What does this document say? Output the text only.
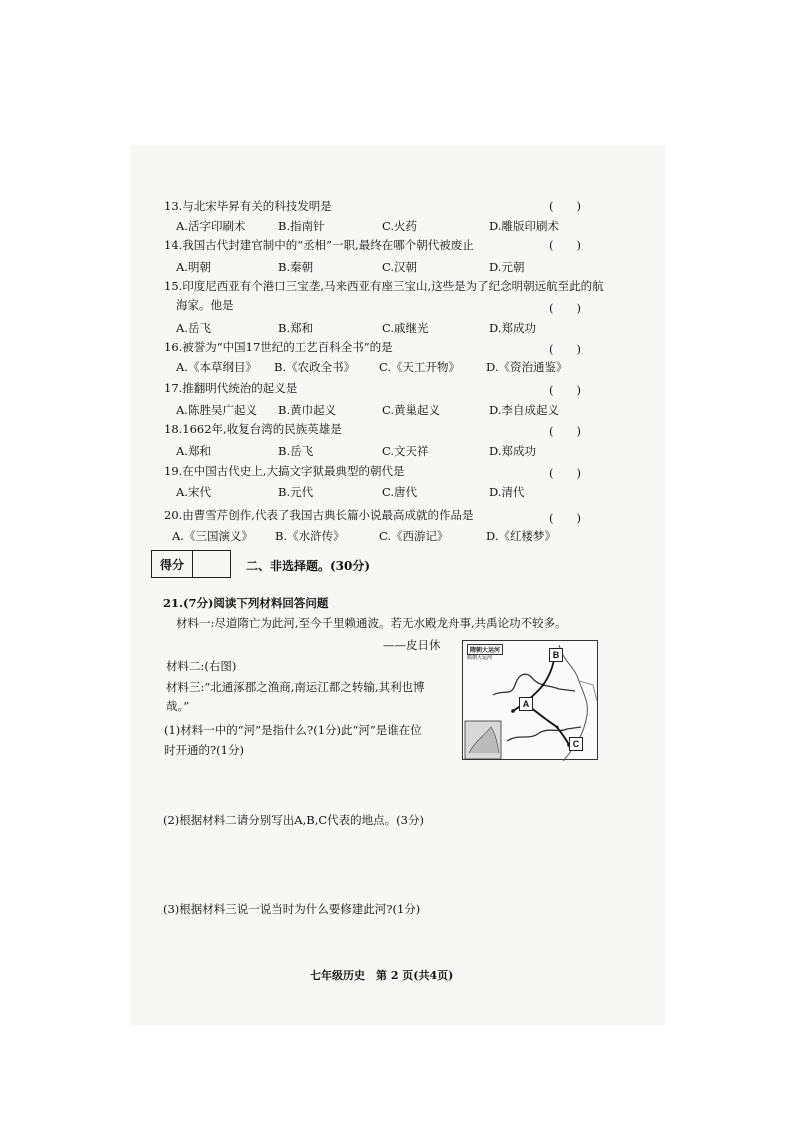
13.与北宋毕昇有关的科技发明是	(　　)
A.活字印刷术	B.指南针	C.火药	D.雕版印刷术
14.我国古代封建官制中的“丞相”一职,最终在哪个朝代被废止	(　　)
A.明朝	B.秦朝	C.汉朝	D.元朝
15.印度尼西亚有个港口三宝垄,马来西亚有座三宝山,这些是为了纪念明朝远航至此的航
海家。他是	(　　)
A.岳飞	B.郑和	C.戚继光	D.郑成功
16.被誉为“中国17世纪的工艺百科全书”的是	(　　)
A.《本草纲目》 B.《农政全书》 C.《天工开物》 D.《资治通鉴》
17.推翻明代统治的起义是	(　　)
A.陈胜吴广起义 B.黄巾起义	C.黄巢起义	D.李自成起义
18.1662年,收复台湾的民族英雄是	(　　)
A.郑和	B.岳飞	C.文天祥	D.郑成功
19.在中国古代史上,大搞文字狱最典型的朝代是	(　　)
A.宋代	B.元代	C.唐代	D.清代
20.由曹雪芹创作,代表了我国古典长篇小说最高成就的作品是	(　　)
A.《三国演义》 B.《水浒传》	C.《西游记》	D.《红楼梦》
得分	二、非选择题。(30分)
21.(7分)阅读下列材料回答问题
材料一:尽道隋亡为此河,至今千里赖通波。若无水殿龙舟事,共禹论功不较多。
——皮日休
材料二:(右图)
材料三:“北通涿郡之渔商,南运江都之转输,其利也博
哉。”
(1)材料一中的“河”是指什么?(1分)此“河”是谁在位
时开通的?(1分)
(2)根据材料二请分别写出A,B,C代表的地点。(3分)
(3)根据材料三说一说当时为什么要修建此河?(1分)
隋朝大运河
隋朝大运河	B
A
C
七年级历史　第 2 页(共4页)
